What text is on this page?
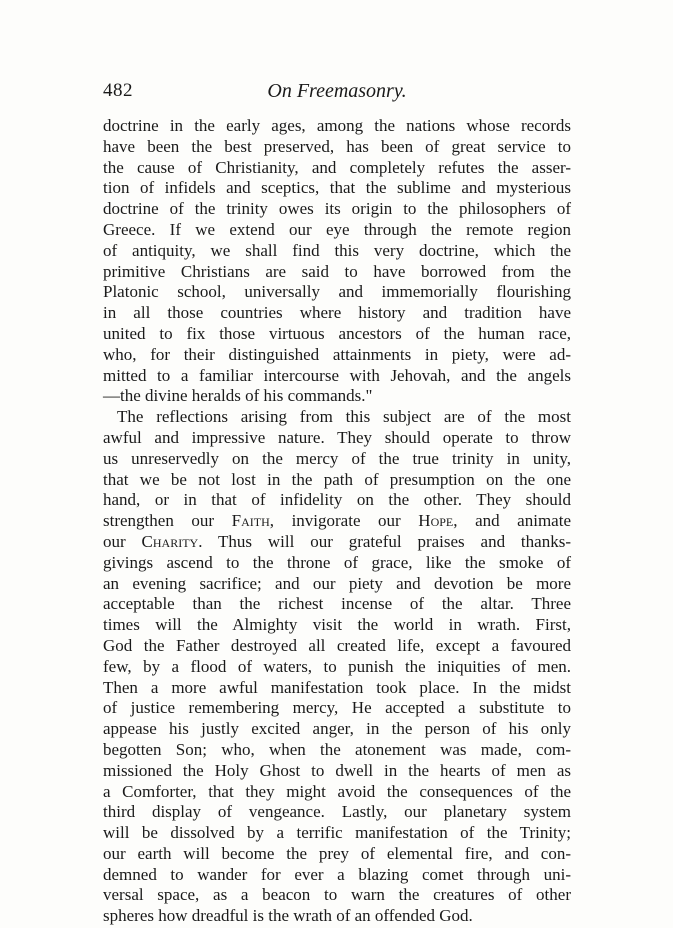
482	On Freemasonry.
doctrine in the early ages, among the nations whose records
have been the best preserved, has been of great service to
the cause of Christianity, and completely refutes the asser-
tion of infidels and sceptics, that the sublime and mysterious
doctrine of the trinity owes its origin to the philosophers of
Greece. If we extend our eye through the remote region
of antiquity, we shall find this very doctrine, which the
primitive Christians are said to have borrowed from the
Platonic school, universally and immemorially flourishing
in all those countries where history and tradition have
united to fix those virtuous ancestors of the human race,
who, for their distinguished attainments in piety, were ad-
mitted to a familiar intercourse with Jehovah, and the angels
—the divine heralds of his commands."
The reflections arising from this subject are of the most
awful and impressive nature. They should operate to throw
us unreservedly on the mercy of the true trinity in unity,
that we be not lost in the path of presumption on the one
hand, or in that of infidelity on the other. They should
strengthen our Faith, invigorate our Hope, and animate
our Charity. Thus will our grateful praises and thanks-
givings ascend to the throne of grace, like the smoke of
an evening sacrifice; and our piety and devotion be more
acceptable than the richest incense of the altar. Three
times will the Almighty visit the world in wrath. First,
God the Father destroyed all created life, except a favoured
few, by a flood of waters, to punish the iniquities of men.
Then a more awful manifestation took place. In the midst
of justice remembering mercy, He accepted a substitute to
appease his justly excited anger, in the person of his only
begotten Son; who, when the atonement was made, com-
missioned the Holy Ghost to dwell in the hearts of men as
a Comforter, that they might avoid the consequences of the
third display of vengeance. Lastly, our planetary system
will be dissolved by a terrific manifestation of the Trinity;
our earth will become the prey of elemental fire, and con-
demned to wander for ever a blazing comet through uni-
versal space, as a beacon to warn the creatures of other
spheres how dreadful is the wrath of an offended God.
